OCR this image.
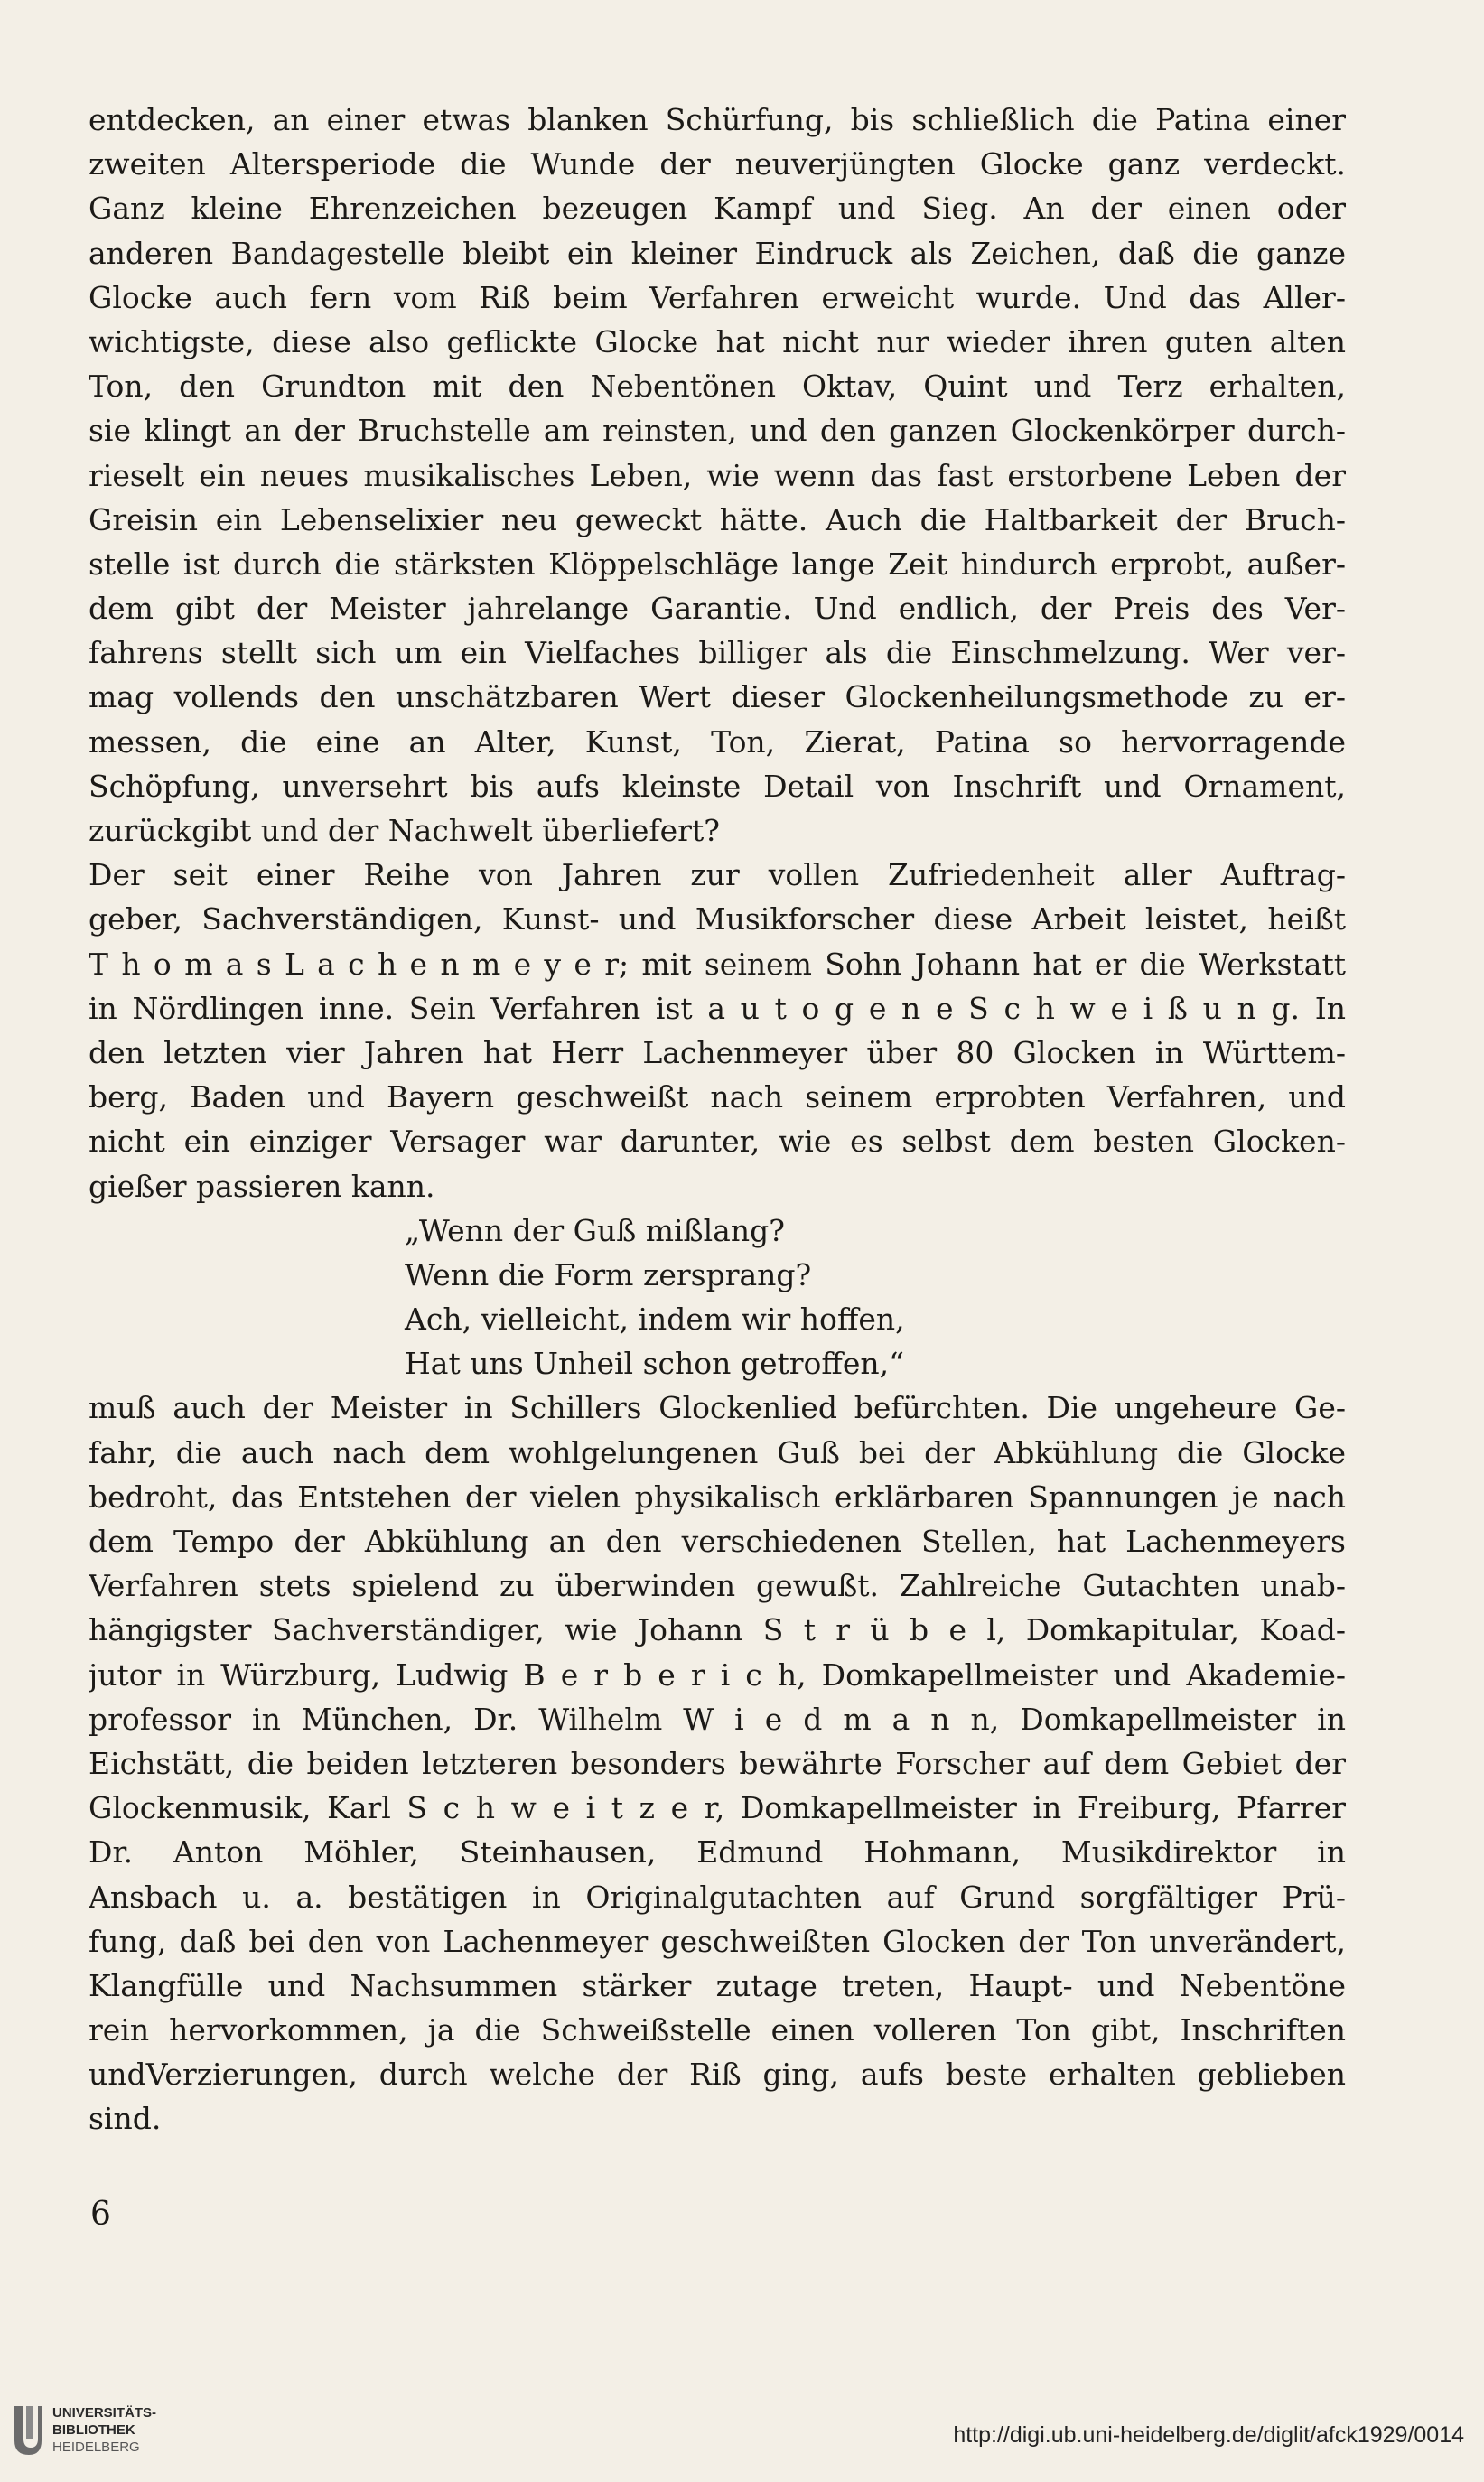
entdecken, an einer etwas blanken Schürfung, bis schließlich die Patina einer
zweiten Altersperiode die Wunde der neuverjüngten Glocke ganz verdeckt.
Ganz kleine Ehrenzeichen bezeugen Kampf und Sieg. An der einen oder
anderen Bandagestelle bleibt ein kleiner Eindruck als Zeichen, daß die ganze
Glocke auch fern vom Riß beim Verfahren erweicht wurde. Und das Aller-
wichtigste, diese also geflickte Glocke hat nicht nur wieder ihren guten alten
Ton, den Grundton mit den Nebentönen Oktav, Quint und Terz erhalten,
sie klingt an der Bruchstelle am reinsten, und den ganzen Glockenkörper durch-
rieselt ein neues musikalisches Leben, wie wenn das fast erstorbene Leben der
Greisin ein Lebenselixier neu geweckt hätte. Auch die Haltbarkeit der Bruch-
stelle ist durch die stärksten Klöppelschläge lange Zeit hindurch erprobt, außer-
dem gibt der Meister jahrelange Garantie. Und endlich, der Preis des Ver-
fahrens stellt sich um ein Vielfaches billiger als die Einschmelzung. Wer ver-
mag vollends den unschätzbaren Wert dieser Glockenheilungsmethode zu er-
messen, die eine an Alter, Kunst, Ton, Zierat, Patina so hervorragende
Schöpfung, unversehrt bis aufs kleinste Detail von Inschrift und Ornament,
zurückgibt und der Nachwelt überliefert?
Der seit einer Reihe von Jahren zur vollen Zufriedenheit aller Auftrag-
geber, Sachverständigen, Kunst- und Musikforscher diese Arbeit leistet, heißt
T h o m a s L a c h e n m e y e r; mit seinem Sohn Johann hat er die Werkstatt
in Nördlingen inne. Sein Verfahren ist a u t o g e n e S c h w e i ß u n g. In
den letzten vier Jahren hat Herr Lachenmeyer über 80 Glocken in Württem-
berg, Baden und Bayern geschweißt nach seinem erprobten Verfahren, und
nicht ein einziger Versager war darunter, wie es selbst dem besten Glocken-
gießer passieren kann.
„Wenn der Guß mißlang?
Wenn die Form zersprang?
Ach, vielleicht, indem wir hoffen,
Hat uns Unheil schon getroffen,“
muß auch der Meister in Schillers Glockenlied befürchten. Die ungeheure Ge-
fahr, die auch nach dem wohlgelungenen Guß bei der Abkühlung die Glocke
bedroht, das Entstehen der vielen physikalisch erklärbaren Spannungen je nach
dem Tempo der Abkühlung an den verschiedenen Stellen, hat Lachenmeyers
Verfahren stets spielend zu überwinden gewußt. Zahlreiche Gutachten unab-
hängigster Sachverständiger, wie Johann S t r ü b e l, Domkapitular, Koad-
jutor in Würzburg, Ludwig B e r b e r i c h, Domkapellmeister und Akademie-
professor in München, Dr. Wilhelm W i e d m a n n, Domkapellmeister in
Eichstätt, die beiden letzteren besonders bewährte Forscher auf dem Gebiet der
Glockenmusik, Karl S c h w e i t z e r, Domkapellmeister in Freiburg, Pfarrer
Dr. Anton Möhler, Steinhausen, Edmund Hohmann, Musikdirektor in
Ansbach u. a. bestätigen in Originalgutachten auf Grund sorgfältiger Prü-
fung, daß bei den von Lachenmeyer geschweißten Glocken der Ton unverändert,
Klangfülle und Nachsummen stärker zutage treten, Haupt- und Nebentöne
rein hervorkommen, ja die Schweißstelle einen volleren Ton gibt, Inschriften
undVerzierungen, durch welche der Riß ging, aufs beste erhalten geblieben
sind.
6
UNIVERSITÄTS-
BIBLIOTHEK
HEIDELBERG	http://digi.ub.uni-heidelberg.de/diglit/afck1929/0014
